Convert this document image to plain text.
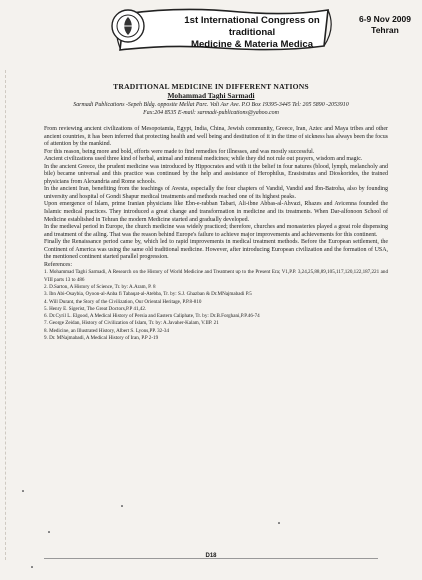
1st International Congress on traditional
Medicine & Materia Medica
6-9 Nov 2009
Tehran
TRADITIONAL MEDICINE IN DIFFERENT NATIONS
Mohammad Taghi Sarmadi
Sarmadi Publications -Sepeh Bldg. opposite Mellat Parc. Vali Asr Ave. P.O Box 19395-3445 Tel: 205 5890 -2053910 Fax:204 8535 E-mail: sarmadi-publications@yahoo.com

From reviewing ancient civilizations of Mesopotamia, Egypt, India, China, Jewish community, Greece, Iran, Aztec and Maya tribes and other ancient countries, it has been inferred that protecting health and well being and destitution of it in the time of sickness has always been the focus of attention by the mankind.

For this reason, being more and bold, efforts were made to find remedies for illnesses, and was mostly successful.

Ancient civilizations used three kind of herbal, animal and mineral medicines; while they did not rule out prayers, wisdom and magic.

In the ancient Greece, the prudent medicine was introduced by Hippocrates and with it the belief in four natures (blood, lymph, melancholy and bile) became universal and this practice was continued by the help and assistance of Herophilus, Erasistratus and Dioskorides, the trained physicians from Alexandria and Rome schools.

In the ancient Iran, benefiting from the teachings of Avesta, especially the four chapters of Vandid, Vandid and Ibn-Batroha, also by founding university and hospital of Gondi Shapur medical treatments and methods reached one of its highest peaks.

Upon emergence of Islam, prime Iranian physicians like Ebn-e-rabban Tabari, Ali-ibne Abbas-al-Ahvazi, Rhazes and Avicenna founded the Islamic medical practices. They introduced a great change and transformation in medicine and its treatments. When Dar-alfonoon School of Medicine established in Tehran the modern Medicine started and gradually developed.

In the medieval period in Europe, the church medicine was widely practiced; therefore, churches and monasteries played a great role dispensing and treatment of the ailing. That was the reason behind Europe's failure to achieve major improvements and achievements for this continent.

Finally the Renaissance period came by, which led to rapid improvements in medical treatment methods. Before the European settlement, the Continent of America was using the same old traditional medicine. However, after introducing European civilization and the formation of USA, the mentioned continent started parallel progression.

References:

1. Mohammad Taghi Sarmadi, A Research on the History of World Medicine and Treatment up to the Present Era; V1,P.P. 3,24,25,88,89,105,117,120,122,187,221 and VIII parts 13 to 486
2. D.Sarton, A History of Science, Tr. by: A.Aram, P. 8
3. Ibn Abi-Osaybia, Oyoon-al-Anba fi Tabaqat-al-Atebba, Tr. by: S.J. Ghazban & Dr.MNajmabadi P.5
4. Will Durant, the Story of the Civilization, Our Oriental Heritage, P.P.8-810
5. Henry E. Sigerist, The Great Doctors,P.P 41,42.
6. Dr.Cyril L. Elgood, A Medical History of Persia and Eastern Caliphate, Tr. by: Dr.B.Forghani,P.P.46-74
7. George Zeidan, History of Civilization of Islam, Tr. by: A.Javaher-Kalam, V.IIP. 21
8. Medicine, an Illustrated History, Albert S. Lyons,PP. 32-34
9. Dr. MNajmabadi, A Medical History of Iran, P.P 2-19
D18
